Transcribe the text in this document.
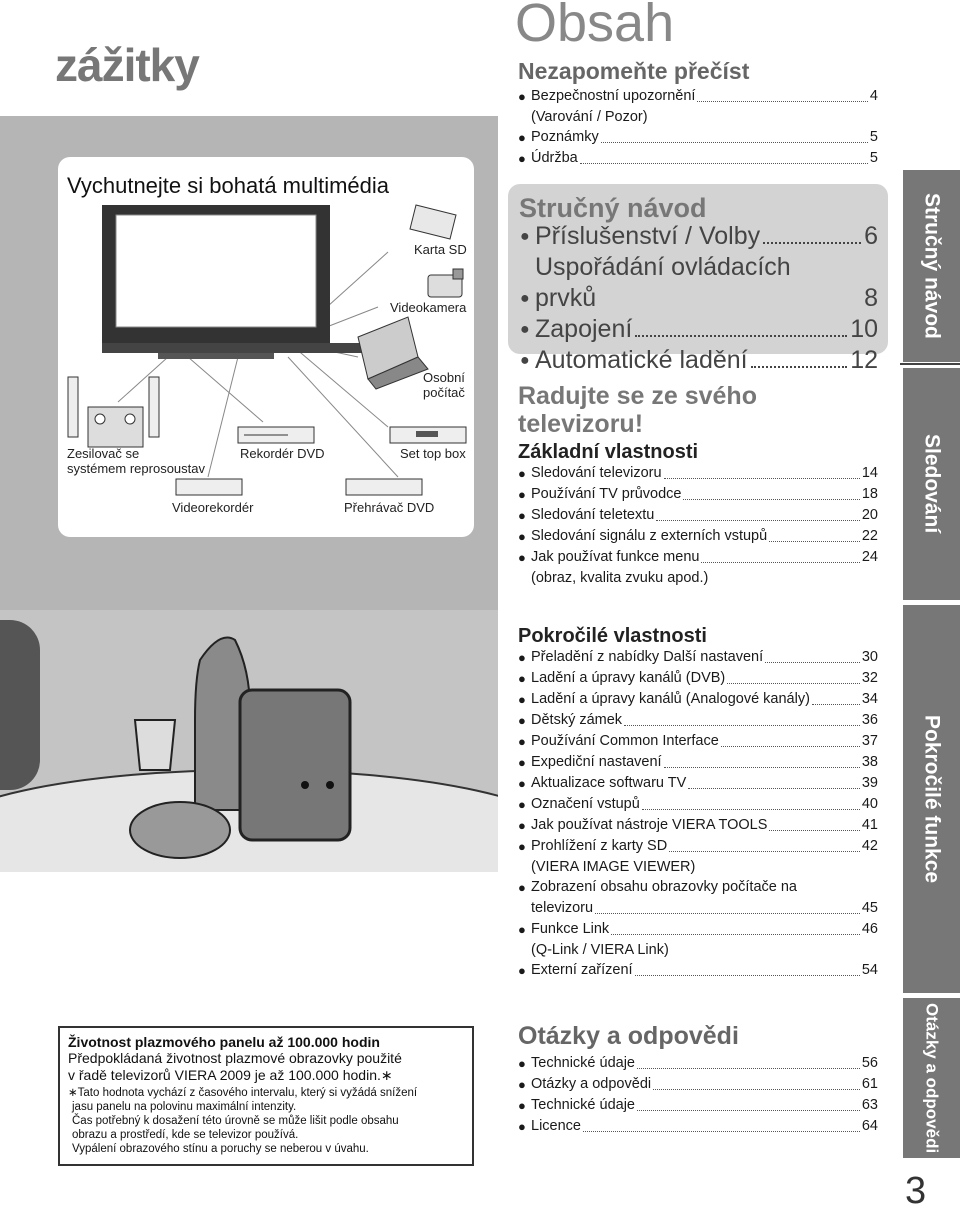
zážitky
Vychutnejte si bohatá multimédia
Karta SD
Videokamera
Osobní
počítač
Set top box
Rekordér DVD
Zesilovač se
systémem reprosoustav
Videorekordér	Přehrávač DVD
Životnost plazmového panelu až 100.000 hodin
Předpokládaná životnost plazmové obrazovky použité
v řadě televizorů VIERA 2009 je až 100.000 hodin.∗
∗Tato hodnota vychází z časového intervalu, který si vyžádá snížení
jasu panelu na polovinu maximální intenzity.
Čas potřebný k dosažení této úrovně se může lišit podle obsahu
obrazu a prostředí, kde se televizor používá.
Vypálení obrazového stínu a poruchy se neberou v úvahu.
Obsah
Nezapomeňte přečíst
● Bezpečnostní upozornění	4
(Varování / Pozor)
● Poznámky	5
● Údržba	5
Stručný návod
● Příslušenství / Volby	6
●
Uspořádání ovládacích prvků	8
● Zapojení	10
● Automatické ladění	12
Radujte se ze svého
televizoru!
Základní vlastnosti
● Sledování televizoru	14
● Používání TV průvodce	18
● Sledování teletextu	20
● Sledování signálu z externích vstupů	22
● Jak používat funkce menu	24
(obraz, kvalita zvuku apod.)
Pokročilé vlastnosti
● Přeladění z nabídky Další nastavení	30
● Ladění a úpravy kanálů (DVB)	32
● Ladění a úpravy kanálů (Analogové kanály)	34
● Dětský zámek	36
● Používání Common Interface	37
● Expediční nastavení	38
● Aktualizace softwaru TV	39
● Označení vstupů	40
● Jak používat nástroje VIERA TOOLS	41
● Prohlížení z karty SD	42
(VIERA IMAGE VIEWER)
● Zobrazení obsahu obrazovky počítače na
televizoru	45
● Funkce Link	46
(Q-Link / VIERA Link)
● Externí zařízení	54
Otázky a odpovědi
● Technické údaje	56
● Otázky a odpovědi	61
● Technické údaje	63
● Licence	64
Stručný návod
Sledování
Pokročilé funkce
Otázky a odpovědi
3
